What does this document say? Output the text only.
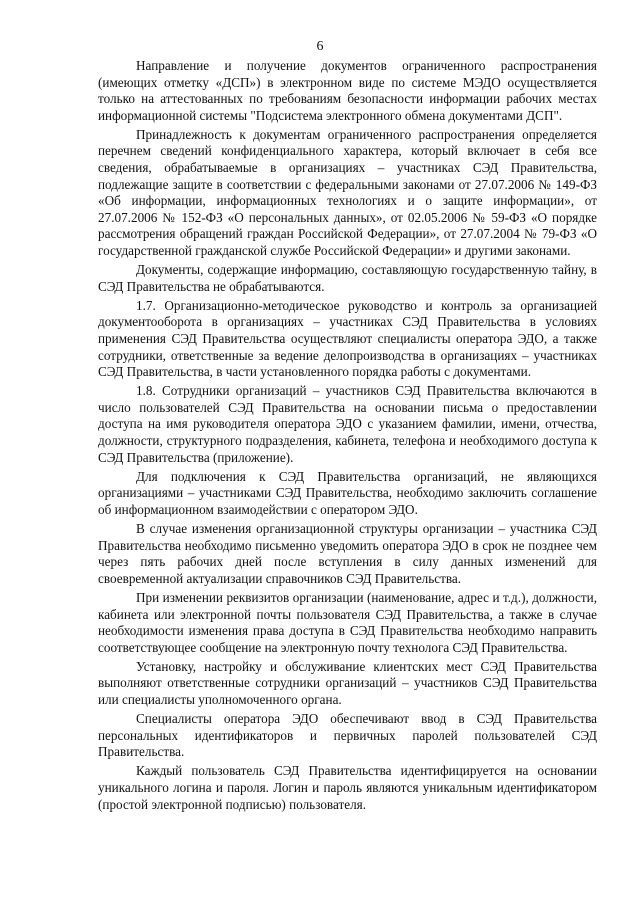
6

Направление и получение документов ограниченного распространения (имеющих отметку «ДСП») в электронном виде по системе МЭДО осуществляется только на аттестованных по требованиям безопасности информации рабочих местах информационной системы "Подсистема электронного обмена документами ДСП".

Принадлежность к документам ограниченного распространения определяется перечнем сведений конфиденциального характера, который включает в себя все сведения, обрабатываемые в организациях – участниках СЭД Правительства, подлежащие защите в соответствии с федеральными законами от 27.07.2006 № 149-ФЗ «Об информации, информационных технологиях и о защите информации», от 27.07.2006 № 152-ФЗ «О персональных данных», от 02.05.2006 № 59-ФЗ «О порядке рассмотрения обращений граждан Российской Федерации», от 27.07.2004 № 79-ФЗ «О государственной гражданской службе Российской Федерации» и другими законами.

Документы, содержащие информацию, составляющую государственную тайну, в СЭД Правительства не обрабатываются.

1.7. Организационно-методическое руководство и контроль за организацией документооборота в организациях – участниках СЭД Правительства в условиях применения СЭД Правительства осуществляют специалисты оператора ЭДО, а также сотрудники, ответственные за ведение делопроизводства в организациях – участниках СЭД Правительства, в части установленного порядка работы с документами.

1.8. Сотрудники организаций – участников СЭД Правительства включаются в число пользователей СЭД Правительства на основании письма о предоставлении доступа на имя руководителя оператора ЭДО с указанием фамилии, имени, отчества, должности, структурного подразделения, кабинета, телефона и необходимого доступа к СЭД Правительства (приложение).

Для подключения к СЭД Правительства организаций, не являющихся организациями – участниками СЭД Правительства, необходимо заключить соглашение об информационном взаимодействии с оператором ЭДО.

В случае изменения организационной структуры организации – участника СЭД Правительства необходимо письменно уведомить оператора ЭДО в срок не позднее чем через пять рабочих дней после вступления в силу данных изменений для своевременной актуализации справочников СЭД Правительства.

При изменении реквизитов организации (наименование, адрес и т.д.), должности, кабинета или электронной почты пользователя СЭД Правительства, а также в случае необходимости изменения права доступа в СЭД Правительства необходимо направить соответствующее сообщение на электронную почту технолога СЭД Правительства.

Установку, настройку и обслуживание клиентских мест СЭД Правительства выполняют ответственные сотрудники организаций – участников СЭД Правительства или специалисты уполномоченного органа.

Специалисты оператора ЭДО обеспечивают ввод в СЭД Правительства персональных идентификаторов и первичных паролей пользователей СЭД Правительства.

Каждый пользователь СЭД Правительства идентифицируется на основании уникального логина и пароля. Логин и пароль являются уникальным идентификатором (простой электронной подписью) пользователя.
